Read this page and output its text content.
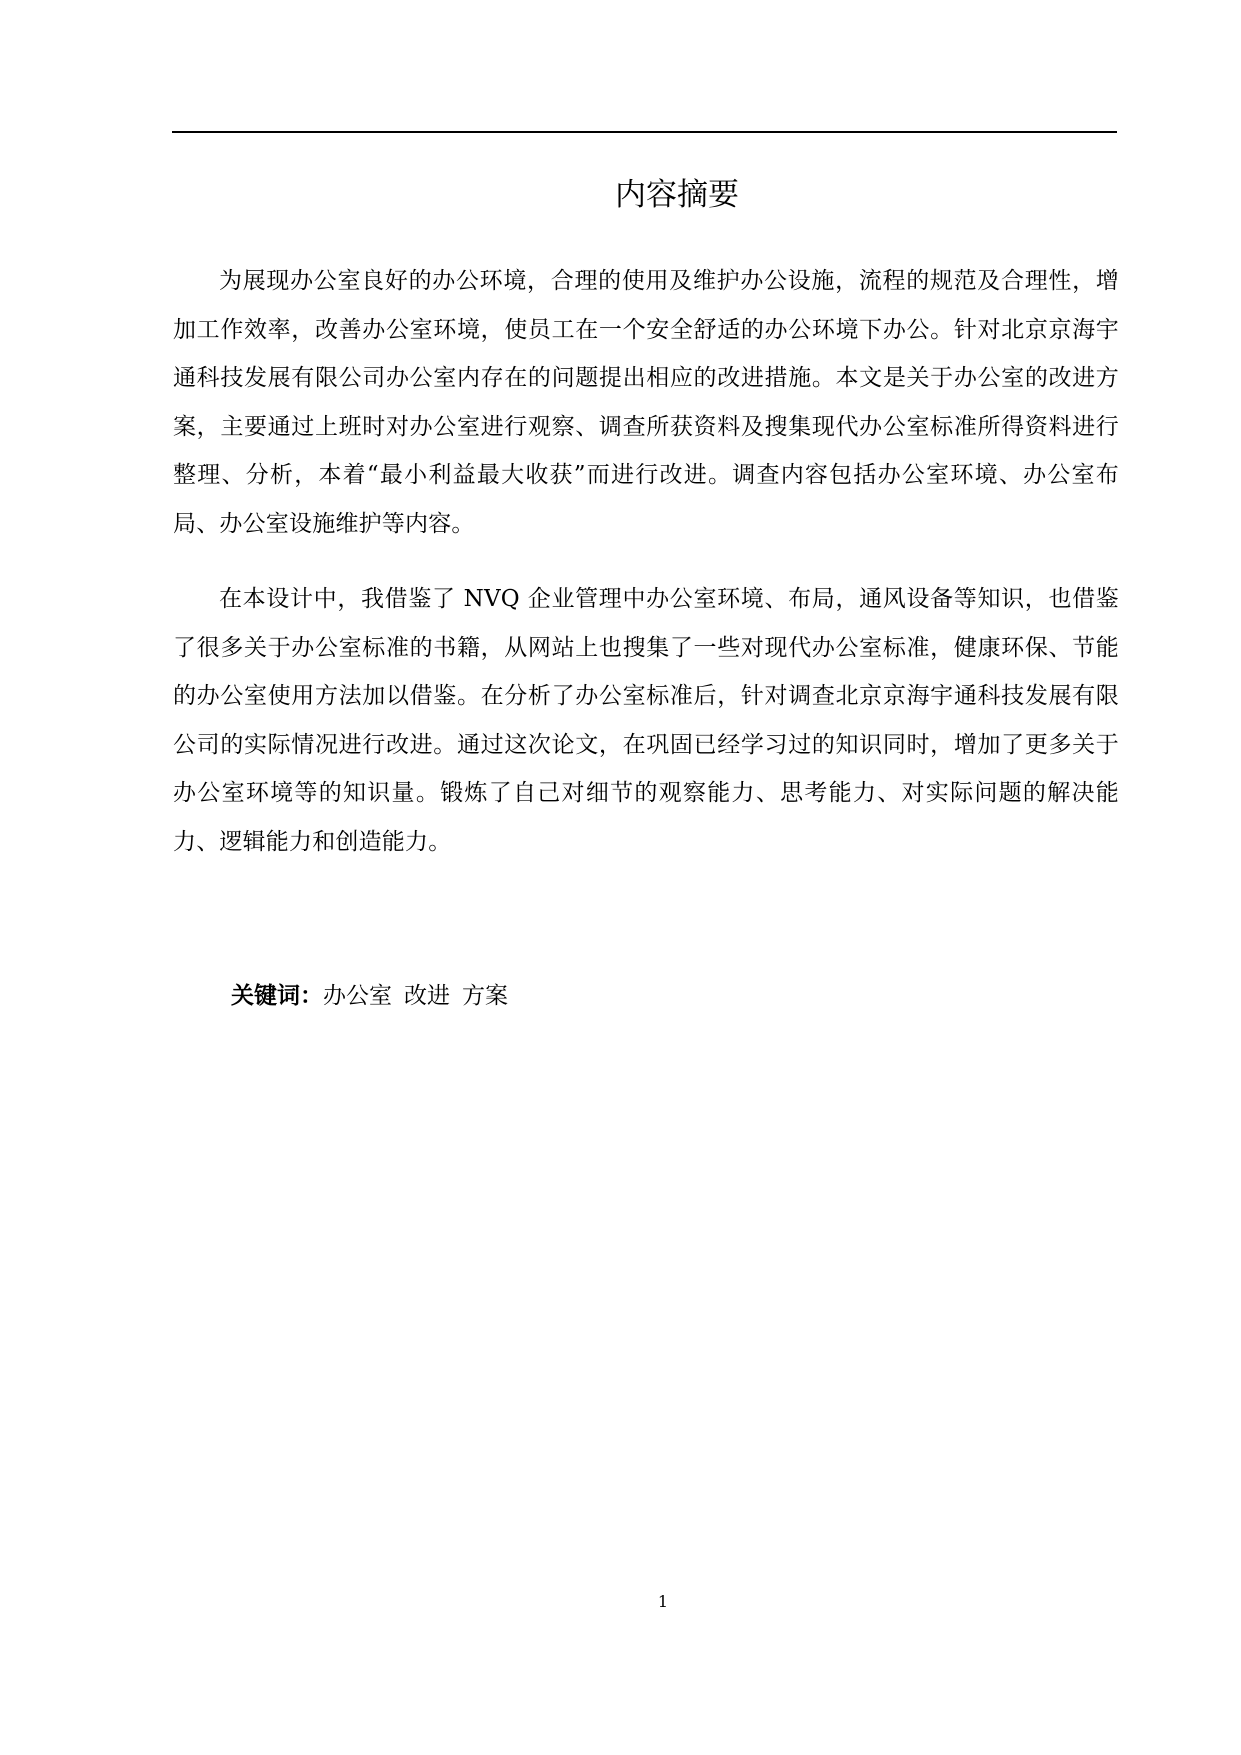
内容摘要

为展现办公室良好的办公环境，合理的使用及维护办公设施，流程的规范及合理性，增加工作效率，改善办公室环境，使员工在一个安全舒适的办公环境下办公。针对北京京海宇通科技发展有限公司办公室内存在的问题提出相应的改进措施。本文是关于办公室的改进方案，主要通过上班时对办公室进行观察、调查所获资料及搜集现代办公室标准所得资料进行整理、分析，本着“最小利益最大收获”而进行改进。调查内容包括办公室环境、办公室布局、办公室设施维护等内容。

在本设计中，我借鉴了 NVQ 企业管理中办公室环境、布局，通风设备等知识，也借鉴了很多关于办公室标准的书籍，从网站上也搜集了一些对现代办公室标准，健康环保、节能的办公室使用方法加以借鉴。在分析了办公室标准后，针对调查北京京海宇通科技发展有限公司的实际情况进行改进。通过这次论文，在巩固已经学习过的知识同时，增加了更多关于办公室环境等的知识量。锻炼了自己对细节的观察能力、思考能力、对实际问题的解决能力、逻辑能力和创造能力。

关键词：办公室 改进 方案
1
